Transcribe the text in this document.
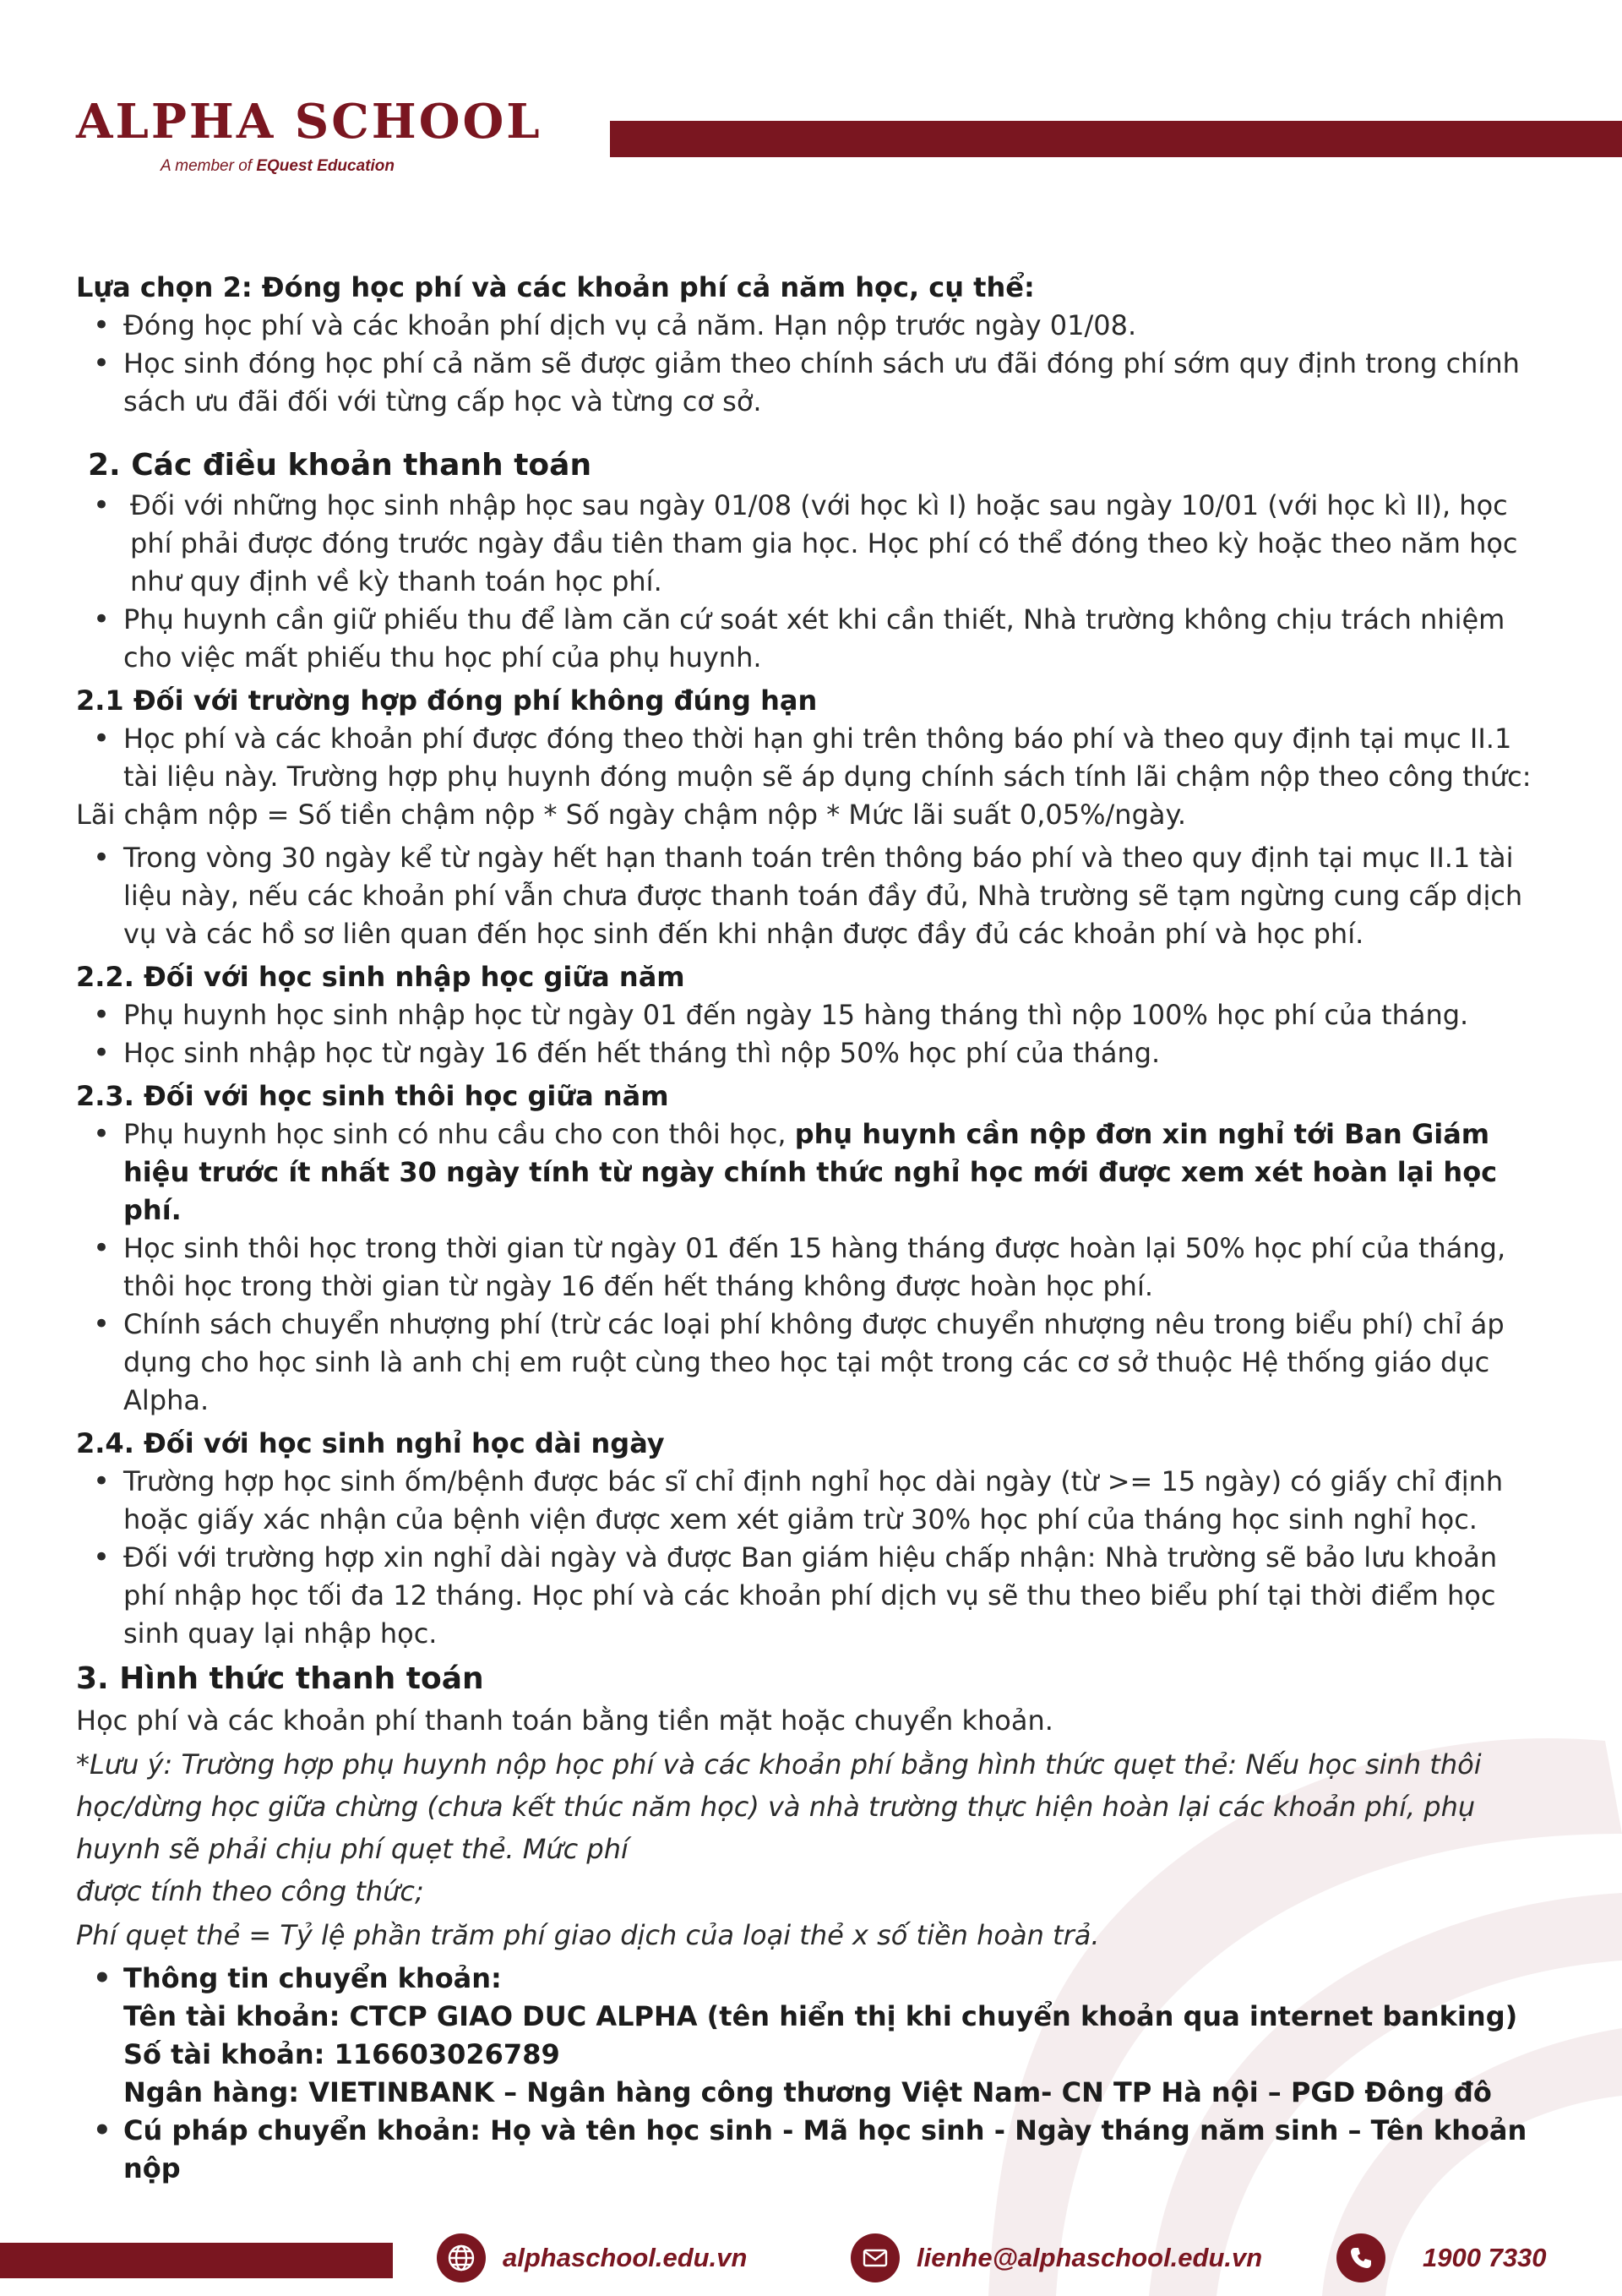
ALPHA SCHOOL
A member of EQuest Education
Lựa chọn 2: Đóng học phí và các khoản phí cả năm học, cụ thể:
• Đóng học phí và các khoản phí dịch vụ cả năm. Hạn nộp trước ngày 01/08.
• Học sinh đóng học phí cả năm sẽ được giảm theo chính sách ưu đãi đóng phí sớm quy định trong chính sách ưu đãi đối với từng cấp học và từng cơ sở.
2. Các điều khoản thanh toán
• Đối với những học sinh nhập học sau ngày 01/08 (với học kì I) hoặc sau ngày 10/01 (với học kì II), học phí phải được đóng trước ngày đầu tiên tham gia học. Học phí có thể đóng theo kỳ hoặc theo năm học như quy định về kỳ thanh toán học phí.
• Phụ huynh cần giữ phiếu thu để làm căn cứ soát xét khi cần thiết, Nhà trường không chịu trách nhiệm cho việc mất phiếu thu học phí của phụ huynh.
2.1 Đối với trường hợp đóng phí không đúng hạn
• Học phí và các khoản phí được đóng theo thời hạn ghi trên thông báo phí và theo quy định tại mục II.1 tài liệu này. Trường hợp phụ huynh đóng muộn sẽ áp dụng chính sách tính lãi chậm nộp theo công thức:
Lãi chậm nộp = Số tiền chậm nộp * Số ngày chậm nộp * Mức lãi suất 0,05%/ngày.
• Trong vòng 30 ngày kể từ ngày hết hạn thanh toán trên thông báo phí và theo quy định tại mục II.1 tài liệu này, nếu các khoản phí vẫn chưa được thanh toán đầy đủ, Nhà trường sẽ tạm ngừng cung cấp dịch vụ và các hồ sơ liên quan đến học sinh đến khi nhận được đầy đủ các khoản phí và học phí.
2.2. Đối với học sinh nhập học giữa năm
• Phụ huynh học sinh nhập học từ ngày 01 đến ngày 15 hàng tháng thì nộp 100% học phí của tháng.
• Học sinh nhập học từ ngày 16 đến hết tháng thì nộp 50% học phí của tháng.
2.3. Đối với học sinh thôi học giữa năm
• Phụ huynh học sinh có nhu cầu cho con thôi học, phụ huynh cần nộp đơn xin nghỉ tới Ban Giám hiệu trước ít nhất 30 ngày tính từ ngày chính thức nghỉ học mới được xem xét hoàn lại học phí.
• Học sinh thôi học trong thời gian từ ngày 01 đến 15 hàng tháng được hoàn lại 50% học phí của tháng, thôi học trong thời gian từ ngày 16 đến hết tháng không được hoàn học phí.
• Chính sách chuyển nhượng phí (trừ các loại phí không được chuyển nhượng nêu trong biểu phí) chỉ áp dụng cho học sinh là anh chị em ruột cùng theo học tại một trong các cơ sở thuộc Hệ thống giáo dục Alpha.
2.4. Đối với học sinh nghỉ học dài ngày
• Trường hợp học sinh ốm/bệnh được bác sĩ chỉ định nghỉ học dài ngày (từ >= 15 ngày) có giấy chỉ định hoặc giấy xác nhận của bệnh viện được xem xét giảm trừ 30% học phí của tháng học sinh nghỉ học.
• Đối với trường hợp xin nghỉ dài ngày và được Ban giám hiệu chấp nhận: Nhà trường sẽ bảo lưu khoản phí nhập học tối đa 12 tháng. Học phí và các khoản phí dịch vụ sẽ thu theo biểu phí tại thời điểm học sinh quay lại nhập học.
3. Hình thức thanh toán
Học phí và các khoản phí thanh toán bằng tiền mặt hoặc chuyển khoản.
*Lưu ý: Trường hợp phụ huynh nộp học phí và các khoản phí bằng hình thức quẹt thẻ: Nếu học sinh thôi học/dừng học giữa chừng (chưa kết thúc năm học) và nhà trường thực hiện hoàn lại các khoản phí, phụ huynh sẽ phải chịu phí quẹt thẻ. Mức phí
được tính theo công thức;
Phí quẹt thẻ = Tỷ lệ phần trăm phí giao dịch của loại thẻ x số tiền hoàn trả.
• Thông tin chuyển khoản:
Tên tài khoản: CTCP GIAO DUC ALPHA (tên hiển thị khi chuyển khoản qua internet banking)
Số tài khoản: 116603026789
Ngân hàng: VIETINBANK – Ngân hàng công thương Việt Nam- CN TP Hà nội – PGD Đông đô
• Cú pháp chuyển khoản: Họ và tên học sinh - Mã học sinh - Ngày tháng năm sinh – Tên khoản nộp
alphaschool.edu.vn	lienhe@alphaschool.edu.vn	1900 7330
